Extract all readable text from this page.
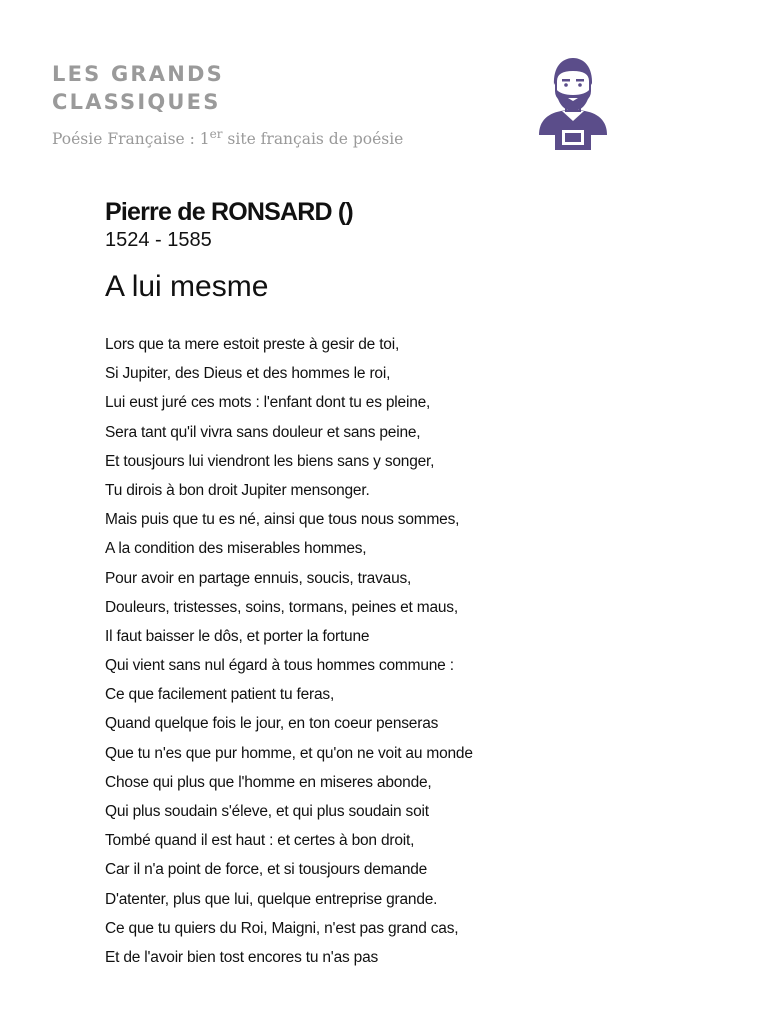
LES GRANDS
CLASSIQUES

Poésie Française : 1er site français de poésie

Pierre de RONSARD ()

1524 - 1585

A lui mesme
Lors que ta mere estoit preste à gesir de toi,
Si Jupiter, des Dieus et des hommes le roi,
Lui eust juré ces mots : l'enfant dont tu es pleine,
Sera tant qu'il vivra sans douleur et sans peine,
Et tousjours lui viendront les biens sans y songer,
Tu dirois à bon droit Jupiter mensonger.
Mais puis que tu es né, ainsi que tous nous sommes,
A la condition des miserables hommes,
Pour avoir en partage ennuis, soucis, travaus,
Douleurs, tristesses, soins, tormans, peines et maus,
Il faut baisser le dôs, et porter la fortune
Qui vient sans nul égard à tous hommes commune :
Ce que facilement patient tu feras,
Quand quelque fois le jour, en ton coeur penseras
Que tu n'es que pur homme, et qu'on ne voit au monde
Chose qui plus que l'homme en miseres abonde,
Qui plus soudain s'éleve, et qui plus soudain soit
Tombé quand il est haut : et certes à bon droit,
Car il n'a point de force, et si tousjours demande
D'atenter, plus que lui, quelque entreprise grande.
Ce que tu quiers du Roi, Maigni, n'est pas grand cas,
Et de l'avoir bien tost encores tu n'as pas
